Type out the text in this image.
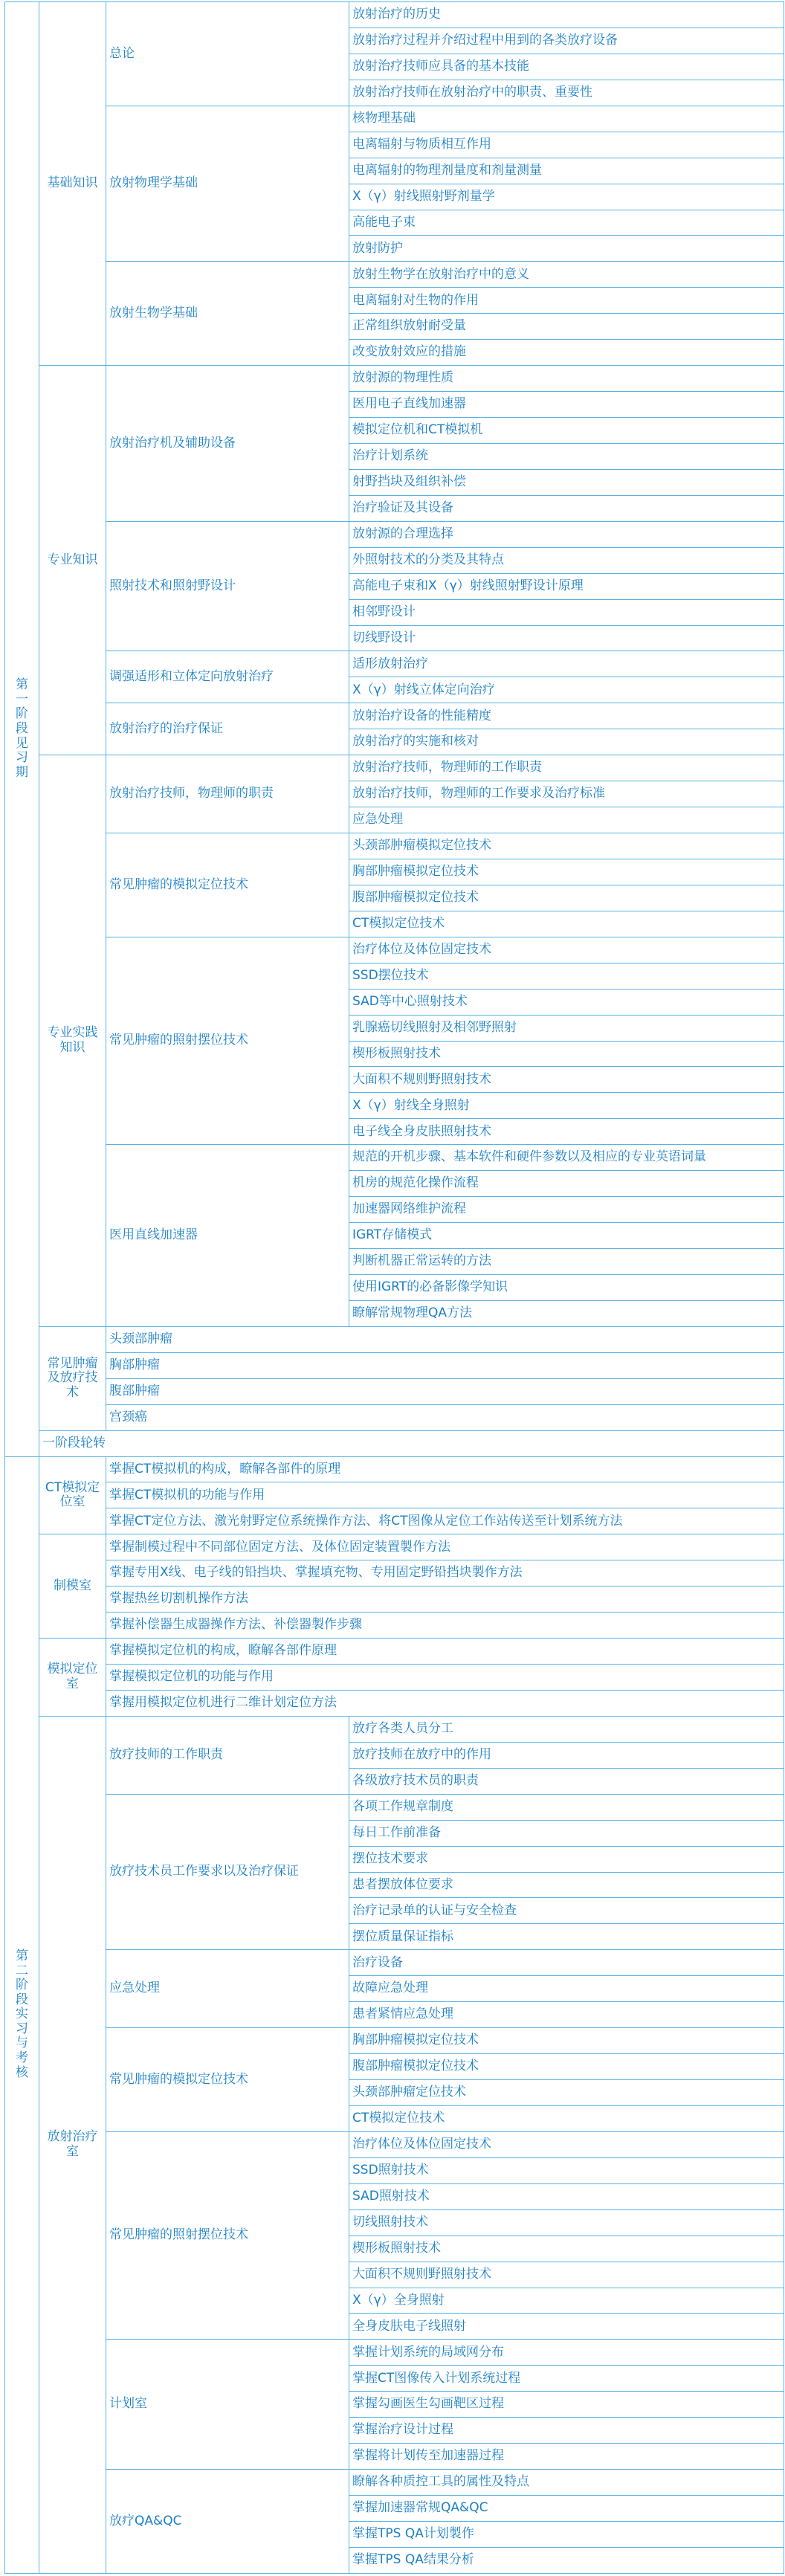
第一阶段见习期	基础知识	总论	放射治疗的历史
			放射治疗过程并介绍过程中用到的各类放疗设备
			放射治疗技师应具备的基本技能
			放射治疗技师在放射治疗中的职责、重要性
		放射物理学基础	核物理基础
			电离辐射与物质相互作用
			电离辐射的物理剂量度和剂量测量
			X（γ）射线照射野剂量学
			高能电子束
			放射防护
		放射生物学基础	放射生物学在放射治疗中的意义
			电离辐射对生物的作用
			正常组织放射耐受量
			改变放射效应的措施
	专业知识	放射治疗机及辅助设备	放射源的物理性质
			医用电子直线加速器
			模拟定位机和CT模拟机
			治疗计划系统
			射野挡块及组织补偿
			治疗验证及其设备
		照射技术和照射野设计	放射源的合理选择
			外照射技术的分类及其特点
			高能电子束和X（γ）射线照射野设计原理
			相邻野设计
			切线野设计
		调强适形和立体定向放射治疗	适形放射治疗
			X（γ）射线立体定向治疗
		放射治疗的治疗保证	放射治疗设备的性能精度
			放射治疗的实施和核对
	专业实践知识	放射治疗技师，物理师的职责	放射治疗技师，物理师的工作职责
			放射治疗技师，物理师的工作要求及治疗标准
			应急处理
		常见肿瘤的模拟定位技术	头颈部肿瘤模拟定位技术
			胸部肿瘤模拟定位技术
			腹部肿瘤模拟定位技术
			CT模拟定位技术
		常见肿瘤的照射摆位技术	治疗体位及体位固定技术
			SSD摆位技术
			SAD等中心照射技术
			乳腺癌切线照射及相邻野照射
			楔形板照射技术
			大面积不规则野照射技术
			X（γ）射线全身照射
			电子线全身皮肤照射技术
		医用直线加速器	规范的开机步骤、基本软件和硬件参数以及相应的专业英语词量
			机房的规范化操作流程
			加速器网络维护流程
			IGRT存储模式
			判断机器正常运转的方法
			使用IGRT的必备影像学知识
			瞭解常规物理QA方法
	常见肿瘤及放疗技术	头颈部肿瘤	
		胸部肿瘤	
		腹部肿瘤	
		宫颈癌	
	一阶段轮转		
第二阶段实习与考核	CT模拟定位室	掌握CT模拟机的构成，瞭解各部件的原理	
		掌握CT模拟机的功能与作用	
		掌握CT定位方法、激光射野定位系统操作方法、将CT图像从定位工作站传送至计划系统方法	
	制模室	掌握制模过程中不同部位固定方法、及体位固定装置製作方法	
		掌握专用X线、电子线的铅挡块、掌握填充物、专用固定野铅挡块製作方法	
		掌握热丝切割机操作方法	
		掌握补偿器生成器操作方法、补偿器製作步骤	
	模拟定位室	掌握模拟定位机的构成，瞭解各部件原理	
		掌握模拟定位机的功能与作用	
		掌握用模拟定位机进行二维计划定位方法	
	放射治疗室	放疗技师的工作职责	放疗各类人员分工
			放疗技师在放疗中的作用
			各级放疗技术员的职责
		放疗技术员工作要求以及治疗保证	各项工作规章制度
			每日工作前准备
			摆位技术要求
			患者摆放体位要求
			治疗记录单的认证与安全检查
			摆位质量保证指标
		应急处理	治疗设备
			故障应急处理
			患者紧情应急处理
		常见肿瘤的模拟定位技术	胸部肿瘤模拟定位技术
			腹部肿瘤模拟定位技术
			头颈部肿瘤定位技术
			CT模拟定位技术
		常见肿瘤的照射摆位技术	治疗体位及体位固定技术
			SSD照射技术
			SAD照射技术
			切线照射技术
			楔形板照射技术
			大面积不规则野照射技术
			X（γ）全身照射
			全身皮肤电子线照射
		计划室	掌握计划系统的局域网分布
			掌握CT图像传入计划系统过程
			掌握勾画医生勾画靶区过程
			掌握治疗设计过程
			掌握将计划传至加速器过程
		放疗QA&QC	瞭解各种质控工具的属性及特点
			掌握加速器常规QA&QC
			掌握TPS QA计划製作
			掌握TPS QA结果分析
